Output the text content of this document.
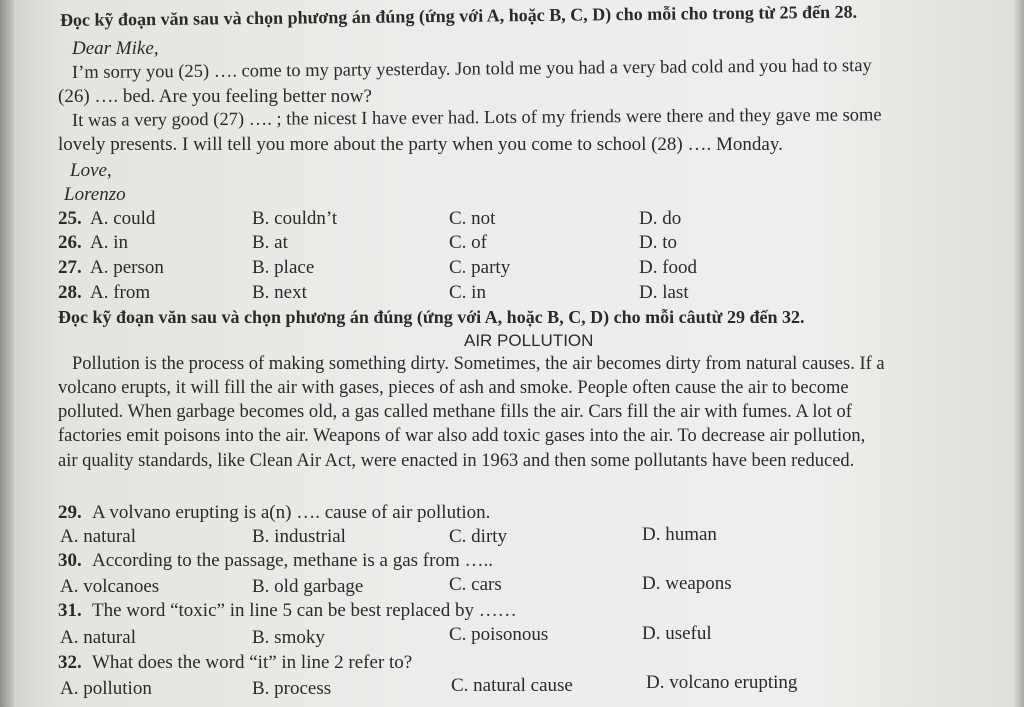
Đọc kỹ đoạn văn sau và chọn phương án đúng (ứng với A, hoặc B, C, D) cho mỗi cho trong từ 25 đến 28.
Dear Mike,
I’m sorry you (25) …. come to my party yesterday. Jon told me you had a very bad cold and you had to stay
(26) …. bed. Are you feeling better now?
It was a very good (27) …. ; the nicest I have ever had. Lots of my friends were there and they gave me some
lovely presents. I will tell you more about the party when you come to school (28) …. Monday.
Love,
Lorenzo
25. A. could	B. couldn’t	C. not	D. do
26. A. in	B. at	C. of	D. to
27. A. person	B. place	C. party	D. food
28. A. from	B. next	C. in	D. last
Đọc kỹ đoạn văn sau và chọn phương án đúng (ứng với A, hoặc B, C, D) cho mỗi câutừ 29 đến 32.
AIR POLLUTION
Pollution is the process of making something dirty. Sometimes, the air becomes dirty from natural causes. If a
volcano erupts, it will fill the air with gases, pieces of ash and smoke. People often cause the air to become
polluted. When garbage becomes old, a gas called methane fills the air. Cars fill the air with fumes. A lot of
factories emit poisons into the air. Weapons of war also add toxic gases into the air. To decrease air pollution,
air quality standards, like Clean Air Act, were enacted in 1963 and then some pollutants have been reduced.
29. A volvano erupting is a(n) …. cause of air pollution.
A. natural	B. industrial	C. dirty	D. human
30. According to the passage, methane is a gas from …..
A. volcanoes	B. old garbage	C. cars	D. weapons
31. The word “toxic” in line 5 can be best replaced by ……
A. natural	B. smoky	C. poisonous	D. useful
32. What does the word “it” in line 2 refer to?
A. pollution	B. process	C. natural cause	D. volcano erupting
